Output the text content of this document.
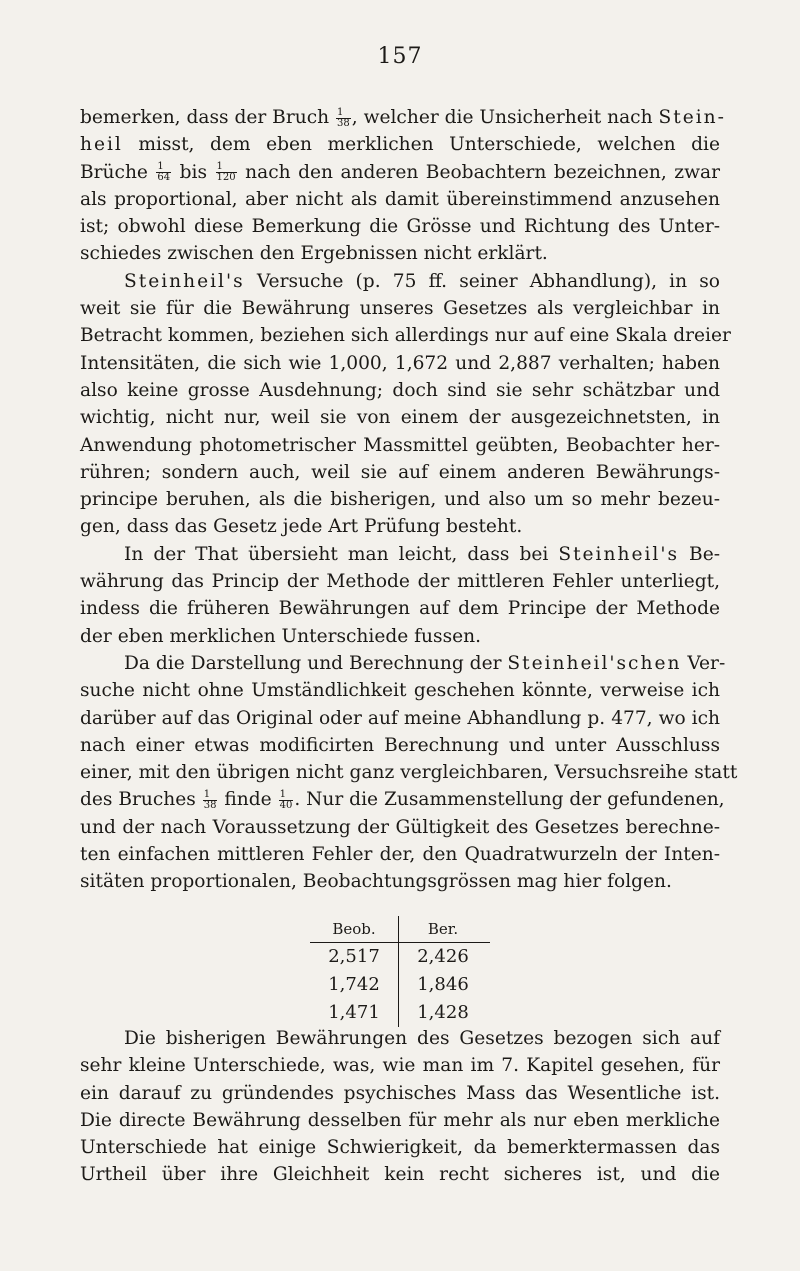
157
bemerken, dass der Bruch $\frac{1}{38}$ , welcher die Unsicherheit nach Stein-
heil misst, dem eben merklichen Unterschiede, welchen die
Brüche $\frac{1}{64}$ bis $\frac{1}{120}$ nach den anderen Beobachtern bezeichnen, zwar
als proportional, aber nicht als damit übereinstimmend anzusehen
ist; obwohl diese Bemerkung die Grösse und Richtung des Unter-
schiedes zwischen den Ergebnissen nicht erklärt.
Steinheil's Versuche (p. 75 ff. seiner Abhandlung), in so
weit sie für die Bewährung unseres Gesetzes als vergleichbar in
Betracht kommen, beziehen sich allerdings nur auf eine Skala dreier
Intensitäten, die sich wie 1,000, 1,672 und 2,887 verhalten; haben
also keine grosse Ausdehnung; doch sind sie sehr schätzbar und
wichtig, nicht nur, weil sie von einem der ausgezeichnetsten, in
Anwendung photometrischer Massmittel geübten, Beobachter her-
rühren; sondern auch, weil sie auf einem anderen Bewährungs-
principe beruhen, als die bisherigen, und also um so mehr bezeu-
gen, dass das Gesetz jede Art Prüfung besteht.
In der That übersieht man leicht, dass bei Steinheil's Be-
währung das Princip der Methode der mittleren Fehler unterliegt,
indess die früheren Bewährungen auf dem Principe der Methode
der eben merklichen Unterschiede fussen.
Da die Darstellung und Berechnung der Steinheil'schen Ver-
suche nicht ohne Umständlichkeit geschehen könnte, verweise ich
darüber auf das Original oder auf meine Abhandlung p. 477, wo ich
nach einer etwas modificirten Berechnung und unter Ausschluss
einer, mit den übrigen nicht ganz vergleichbaren, Versuchsreihe statt
des Bruches $\frac{1}{38}$ finde $\frac{1}{40}$ . Nur die Zusammenstellung der gefundenen,
und der nach Voraussetzung der Gültigkeit des Gesetzes berechne-
ten einfachen mittleren Fehler der, den Quadratwurzeln der Inten-
sitäten proportionalen, Beobachtungsgrössen mag hier folgen.
Beob.	Ber.
2,517	2,426
1,742	1,846
1,471	1,428
Die bisherigen Bewährungen des Gesetzes bezogen sich auf
sehr kleine Unterschiede, was, wie man im 7. Kapitel gesehen, für
ein darauf zu gründendes psychisches Mass das Wesentliche ist.
Die directe Bewährung desselben für mehr als nur eben merkliche
Unterschiede hat einige Schwierigkeit, da bemerktermassen das
Urtheil über ihre Gleichheit kein recht sicheres ist, und die
